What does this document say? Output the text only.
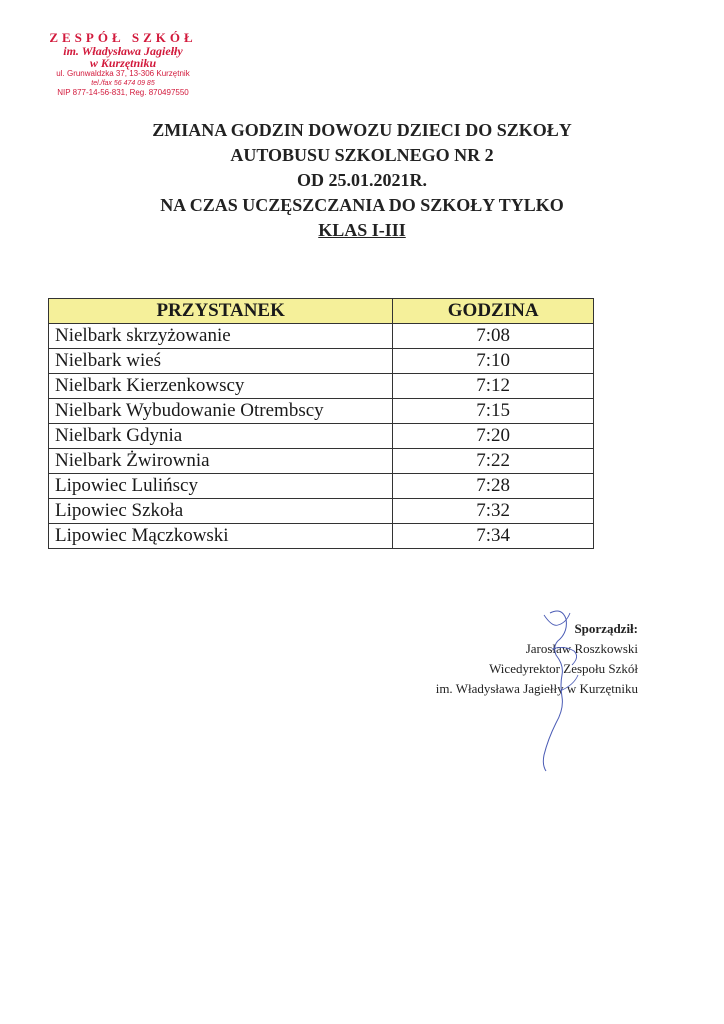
ZESPÓŁ SZKÓŁ
im. Władysława Jagiełły
w Kurzętniku
ul. Grunwaldzka 37, 13-306 Kurzętnik
tel./fax 56 474 09 85
NIP 877-14-56-831, Reg. 870497550
ZMIANA GODZIN DOWOZU DZIECI DO SZKOŁY
AUTOBUSU SZKOLNEGO NR 2
OD 25.01.2021R.
NA CZAS UCZĘSZCZANIA DO SZKOŁY TYLKO
KLAS I-III
PRZYSTANEK	GODZINA
Nielbark skrzyżowanie	7:08
Nielbark wieś	7:10
Nielbark Kierzenkowscy	7:12
Nielbark Wybudowanie Otrembscy	7:15
Nielbark Gdynia	7:20
Nielbark Żwirownia	7:22
Lipowiec Lulińscy	7:28
Lipowiec Szkoła	7:32
Lipowiec Mączkowski	7:34
Sporządził:
Jarosław Roszkowski
Wicedyrektor Zespołu Szkół
im. Władysława Jagiełły w Kurzętniku
